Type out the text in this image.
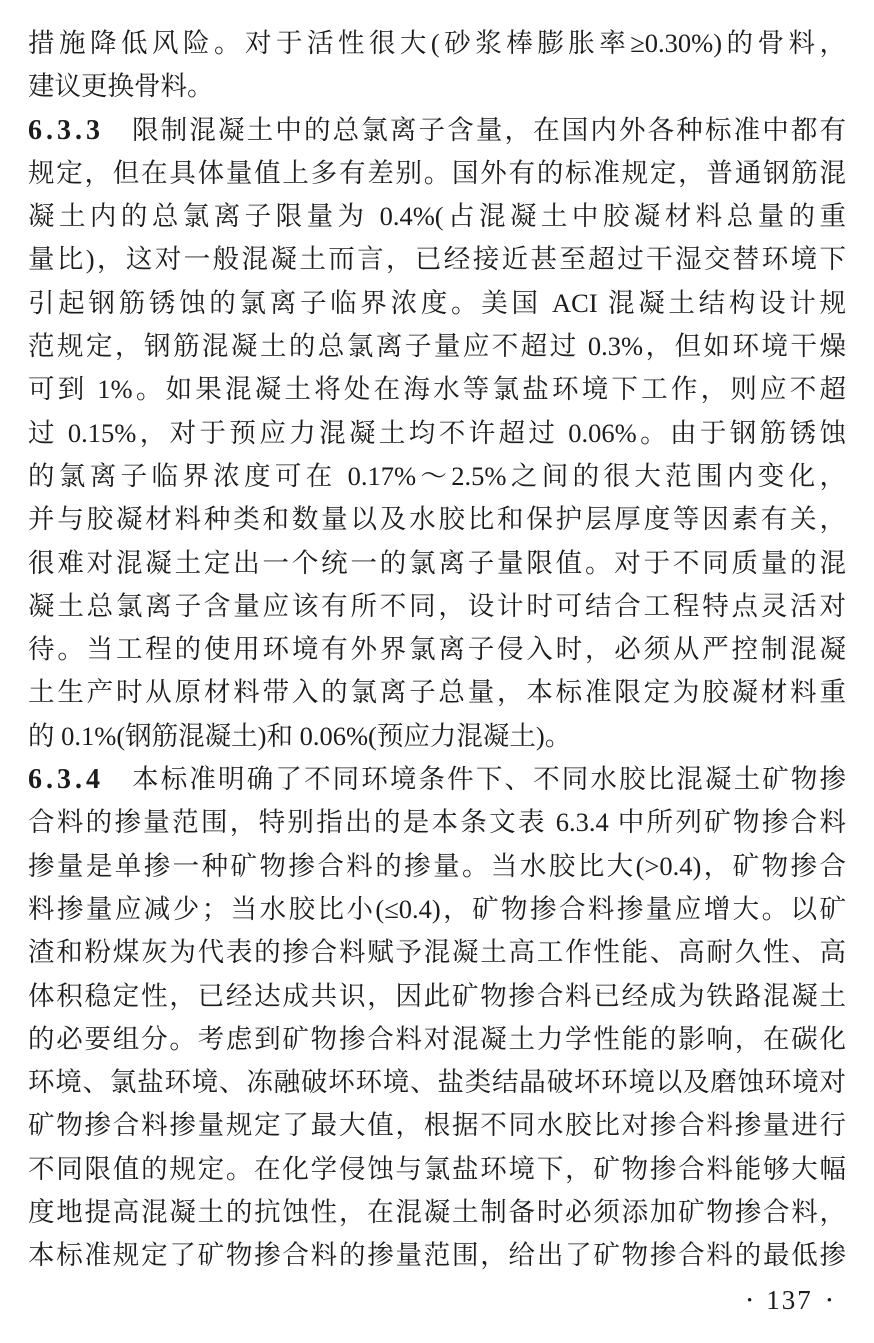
措施降低风险。对于活性很大(砂浆棒膨胀率≥0.30%)的骨料，

建议更换骨料。

6.3.3 限制混凝土中的总氯离子含量，在国内外各种标准中都有

规定，但在具体量值上多有差别。国外有的标准规定，普通钢筋混

凝土内的总氯离子限量为 0.4%(占混凝土中胶凝材料总量的重

量比)，这对一般混凝土而言，已经接近甚至超过干湿交替环境下

引起钢筋锈蚀的氯离子临界浓度。美国 ACI 混凝土结构设计规

范规定，钢筋混凝土的总氯离子量应不超过 0.3%，但如环境干燥

可到 1%。如果混凝土将处在海水等氯盐环境下工作，则应不超

过 0.15%，对于预应力混凝土均不许超过 0.06%。由于钢筋锈蚀

的氯离子临界浓度可在 0.17%～2.5%之间的很大范围内变化，

并与胶凝材料种类和数量以及水胶比和保护层厚度等因素有关，

很难对混凝土定出一个统一的氯离子量限值。对于不同质量的混

凝土总氯离子含量应该有所不同，设计时可结合工程特点灵活对

待。当工程的使用环境有外界氯离子侵入时，必须从严控制混凝

土生产时从原材料带入的氯离子总量，本标准限定为胶凝材料重

的 0.1%(钢筋混凝土)和 0.06%(预应力混凝土)。

6.3.4 本标准明确了不同环境条件下、不同水胶比混凝土矿物掺

合料的掺量范围，特别指出的是本条文表 6.3.4 中所列矿物掺合料

掺量是单掺一种矿物掺合料的掺量。当水胶比大(>0.4)，矿物掺合

料掺量应减少；当水胶比小(≤0.4)，矿物掺合料掺量应增大。以矿

渣和粉煤灰为代表的掺合料赋予混凝土高工作性能、高耐久性、高

体积稳定性，已经达成共识，因此矿物掺合料已经成为铁路混凝土

的必要组分。考虑到矿物掺合料对混凝土力学性能的影响，在碳化

环境、氯盐环境、冻融破坏环境、盐类结晶破坏环境以及磨蚀环境对

矿物掺合料掺量规定了最大值，根据不同水胶比对掺合料掺量进行

不同限值的规定。在化学侵蚀与氯盐环境下，矿物掺合料能够大幅

度地提高混凝土的抗蚀性，在混凝土制备时必须添加矿物掺合料，

本标准规定了矿物掺合料的掺量范围，给出了矿物掺合料的最低掺

• 137 •
